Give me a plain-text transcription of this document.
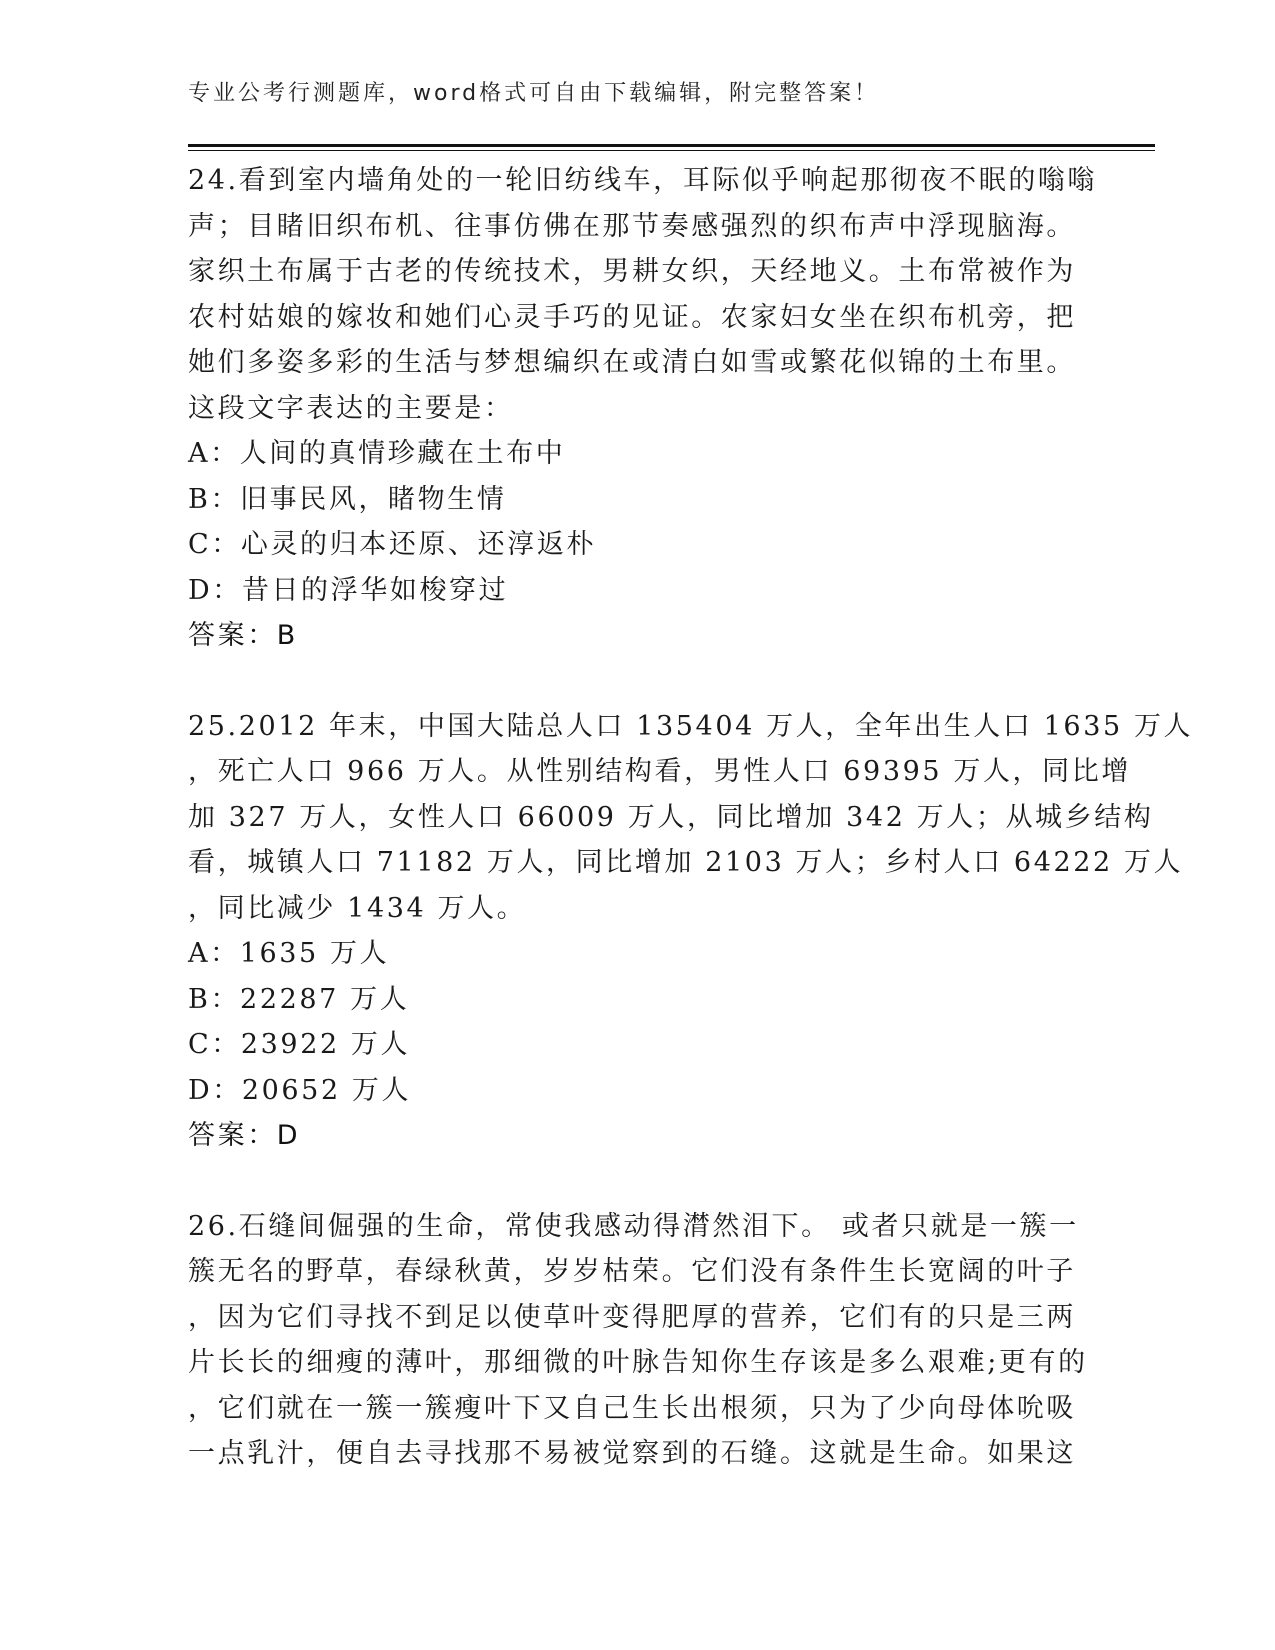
专业公考行测题库，word格式可自由下载编辑，附完整答案！

24.看到室内墙角处的一轮旧纺线车，耳际似乎响起那彻夜不眠的嗡嗡

声；目睹旧织布机、往事仿佛在那节奏感强烈的织布声中浮现脑海。

家织土布属于古老的传统技术，男耕女织，天经地义。土布常被作为

农村姑娘的嫁妆和她们心灵手巧的见证。农家妇女坐在织布机旁，把

她们多姿多彩的生活与梦想编织在或清白如雪或繁花似锦的土布里。

这段文字表达的主要是：

A：人间的真情珍藏在土布中

B：旧事民风，睹物生情

C：心灵的归本还原、还淳返朴

D：昔日的浮华如梭穿过

答案：B

25.2012 年末，中国大陆总人口 135404 万人，全年出生人口 1635 万人

，死亡人口 966 万人。从性别结构看，男性人口 69395 万人，同比增

加 327 万人，女性人口 66009 万人，同比增加 342 万人；从城乡结构

看，城镇人口 71182 万人，同比增加 2103 万人；乡村人口 64222 万人

，同比减少 1434 万人。

A：1635 万人

B：22287 万人

C：23922 万人

D：20652 万人

答案：D

26.石缝间倔强的生命，常使我感动得潸然泪下。 或者只就是一簇一

簇无名的野草，春绿秋黄，岁岁枯荣。它们没有条件生长宽阔的叶子

，因为它们寻找不到足以使草叶变得肥厚的营养，它们有的只是三两

片长长的细瘦的薄叶，那细微的叶脉告知你生存该是多么艰难;更有的

，它们就在一簇一簇瘦叶下又自己生长出根须，只为了少向母体吮吸

一点乳汁，便自去寻找那不易被觉察到的石缝。这就是生命。如果这
